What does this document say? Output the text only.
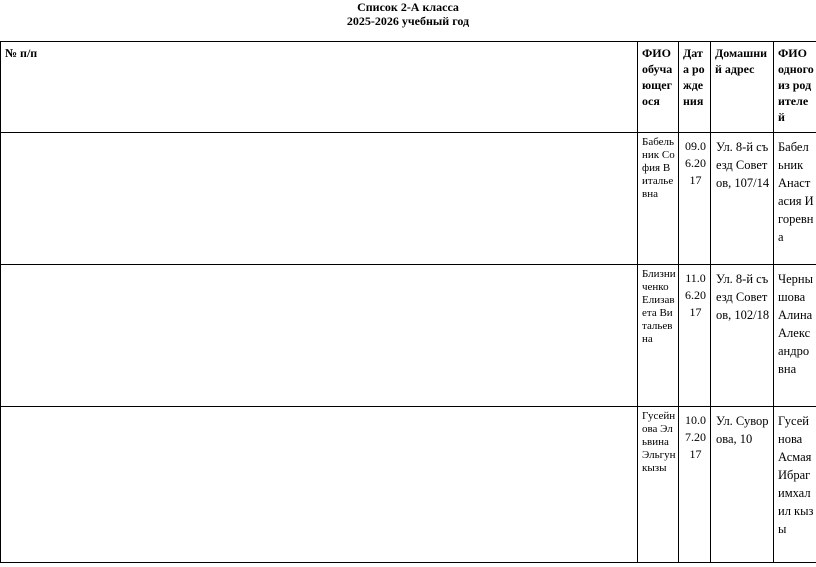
Список 2-А класса
2025-2026 учебный год
№ п/п	ФИО обучающегося	Дата рождения	Домашний адрес	ФИО одного из родителей
	Бабельник София Витальевна	09.06.2017	Ул. 8-й съезд Советов, 107/14	Бабельник Анастасия Игоревна
	Близниченко Елизавета Витальевна	11.06.2017	Ул. 8-й съезд Советов, 102/18	Чернышова Алина Александровна
	Гусейнова Эльвина Эльгун кызы	10.07.2017	Ул. Суворова, 10	Гусейнова Асмая Ибрагимхалил кызы
